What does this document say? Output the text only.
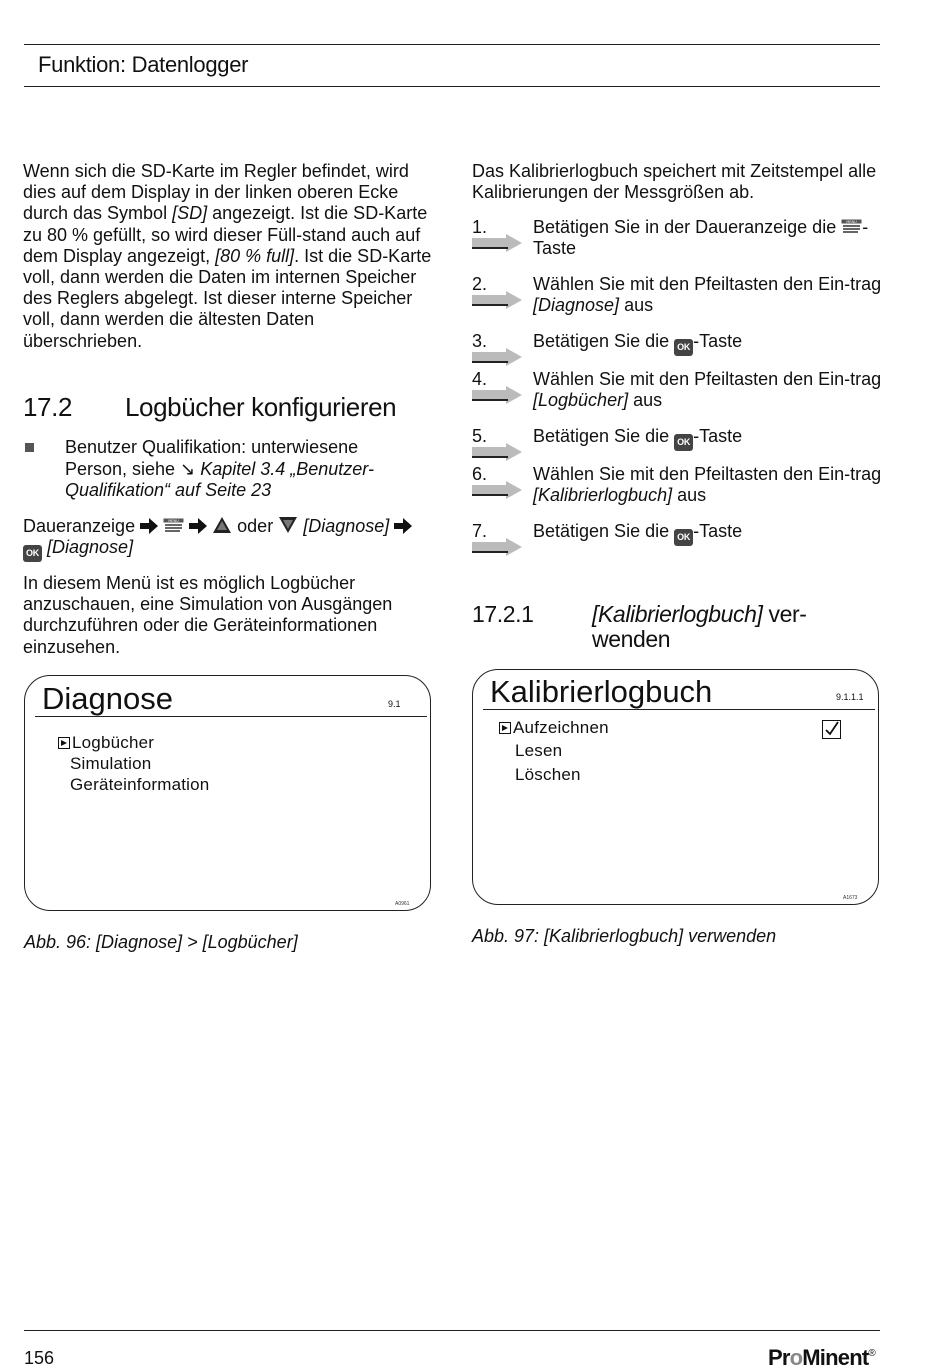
Funktion: Datenlogger
Wenn sich die SD-Karte im Regler befindet, wird dies auf dem Display in der linken oberen Ecke durch das Symbol [SD] angezeigt. Ist die SD-Karte zu 80 % gefüllt, so wird dieser Füll-stand auch auf dem Display angezeigt, [80 % full]. Ist die SD-Karte voll, dann werden die Daten im internen Speicher des Reglers abgelegt. Ist dieser interne Speicher voll, dann werden die ältesten Daten überschrieben.
17.2 Logbücher konfigurieren
Benutzer Qualifikation: unterwiesene Person, siehe ↘ Kapitel 3.4 „Benutzer-Qualifikation“ auf Seite 23
Daueranzeige	MENU	oder [Diagnose]
OK [Diagnose]
In diesem Menü ist es möglich Logbücher anzuschauen, eine Simulation von Ausgängen durchzuführen oder die Geräteinformationen einzusehen.
Diagnose	9.1
Logbücher
Simulation
Geräteinformation
A0961
Abb. 96: [Diagnose] > [Logbücher]
Das Kalibrierlogbuch speichert mit Zeitstempel alle Kalibrierungen der Messgrößen ab.
1.	Betätigen Sie in der Daueranzeige die MENU -Taste
2.	Wählen Sie mit den Pfeiltasten den Ein-trag [Diagnose] aus
3.	Betätigen Sie die OK -Taste
4.	Wählen Sie mit den Pfeiltasten den Ein-trag [Logbücher] aus
5.	Betätigen Sie die OK -Taste
6.	Wählen Sie mit den Pfeiltasten den Ein-trag [Kalibrierlogbuch] aus
7.	Betätigen Sie die OK -Taste
17.2.1	[Kalibrierlogbuch] ver-
wenden
Kalibrierlogbuch	9.1.1.1
Aufzeichnen
Lesen
Löschen
A1673
Abb. 97: [Kalibrierlogbuch] verwenden
156	ProMinent®
